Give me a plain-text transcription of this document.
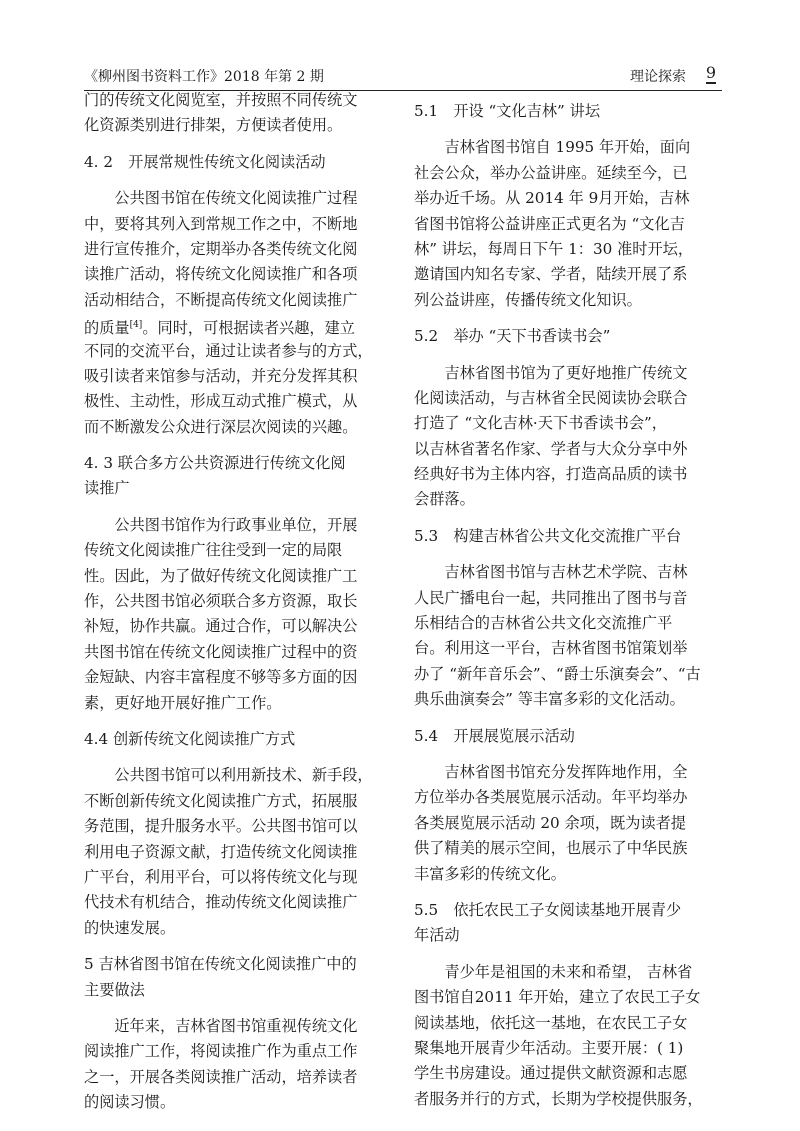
《柳州图书资料工作》2018 年第 2 期	理论探索 9
门的传统文化阅览室，并按照不同传统文
化资源类别进行排架，方便读者使用。
4. 2　开展常规性传统文化阅读活动
公共图书馆在传统文化阅读推广过程
中，要将其列入到常规工作之中，不断地
进行宣传推介，定期举办各类传统文化阅
读推广活动，将传统文化阅读推广和各项
活动相结合，不断提高传统文化阅读推广
的质量[4]。同时，可根据读者兴趣，建立
不同的交流平台，通过让读者参与的方式，
吸引读者来馆参与活动，并充分发挥其积
极性、主动性，形成互动式推广模式，从
而不断激发公众进行深层次阅读的兴趣。
4. 3 联合多方公共资源进行传统文化阅
读推广
公共图书馆作为行政事业单位，开展
传统文化阅读推广往往受到一定的局限
性。因此，为了做好传统文化阅读推广工
作，公共图书馆必须联合多方资源，取长
补短，协作共赢。通过合作，可以解决公
共图书馆在传统文化阅读推广过程中的资
金短缺、内容丰富程度不够等多方面的因
素，更好地开展好推广工作。
4.4 创新传统文化阅读推广方式
公共图书馆可以利用新技术、新手段，
不断创新传统文化阅读推广方式，拓展服
务范围，提升服务水平。公共图书馆可以
利用电子资源文献，打造传统文化阅读推
广平台，利用平台，可以将传统文化与现
代技术有机结合，推动传统文化阅读推广
的快速发展。
5 吉林省图书馆在传统文化阅读推广中的
主要做法
近年来，吉林省图书馆重视传统文化
阅读推广工作，将阅读推广作为重点工作
之一，开展各类阅读推广活动，培养读者
的阅读习惯。
5.1　开设 “文化吉林” 讲坛
吉林省图书馆自 1995 年开始，面向
社会公众，举办公益讲座。延续至今，已
举办近千场。从 2014 年 9月开始，吉林
省图书馆将公益讲座正式更名为 “文化吉
林” 讲坛，每周日下午 1：30 准时开坛，
邀请国内知名专家、学者，陆续开展了系
列公益讲座，传播传统文化知识。
5.2　举办 “天下书香读书会”
吉林省图书馆为了更好地推广传统文
化阅读活动，与吉林省全民阅读协会联合
打造了 “文化吉林·天下书香读书会”，
以吉林省著名作家、学者与大众分享中外
经典好书为主体内容，打造高品质的读书
会群落。
5.3　构建吉林省公共文化交流推广平台
吉林省图书馆与吉林艺术学院、吉林
人民广播电台一起，共同推出了图书与音
乐相结合的吉林省公共文化交流推广平
台。利用这一平台，吉林省图书馆策划举
办了 “新年音乐会”、“爵士乐演奏会”、“古
典乐曲演奏会” 等丰富多彩的文化活动。
5.4　开展展览展示活动
吉林省图书馆充分发挥阵地作用，全
方位举办各类展览展示活动。年平均举办
各类展览展示活动 20 余项，既为读者提
供了精美的展示空间，也展示了中华民族
丰富多彩的传统文化。
5.5　依托农民工子女阅读基地开展青少
年活动
青少年是祖国的未来和希望， 吉林省
图书馆自2011 年开始，建立了农民工子女
阅读基地，依托这一基地，在农民工子女
聚集地开展青少年活动。主要开展：( 1)
学生书房建设。通过提供文献资源和志愿
者服务并行的方式，长期为学校提供服务，
